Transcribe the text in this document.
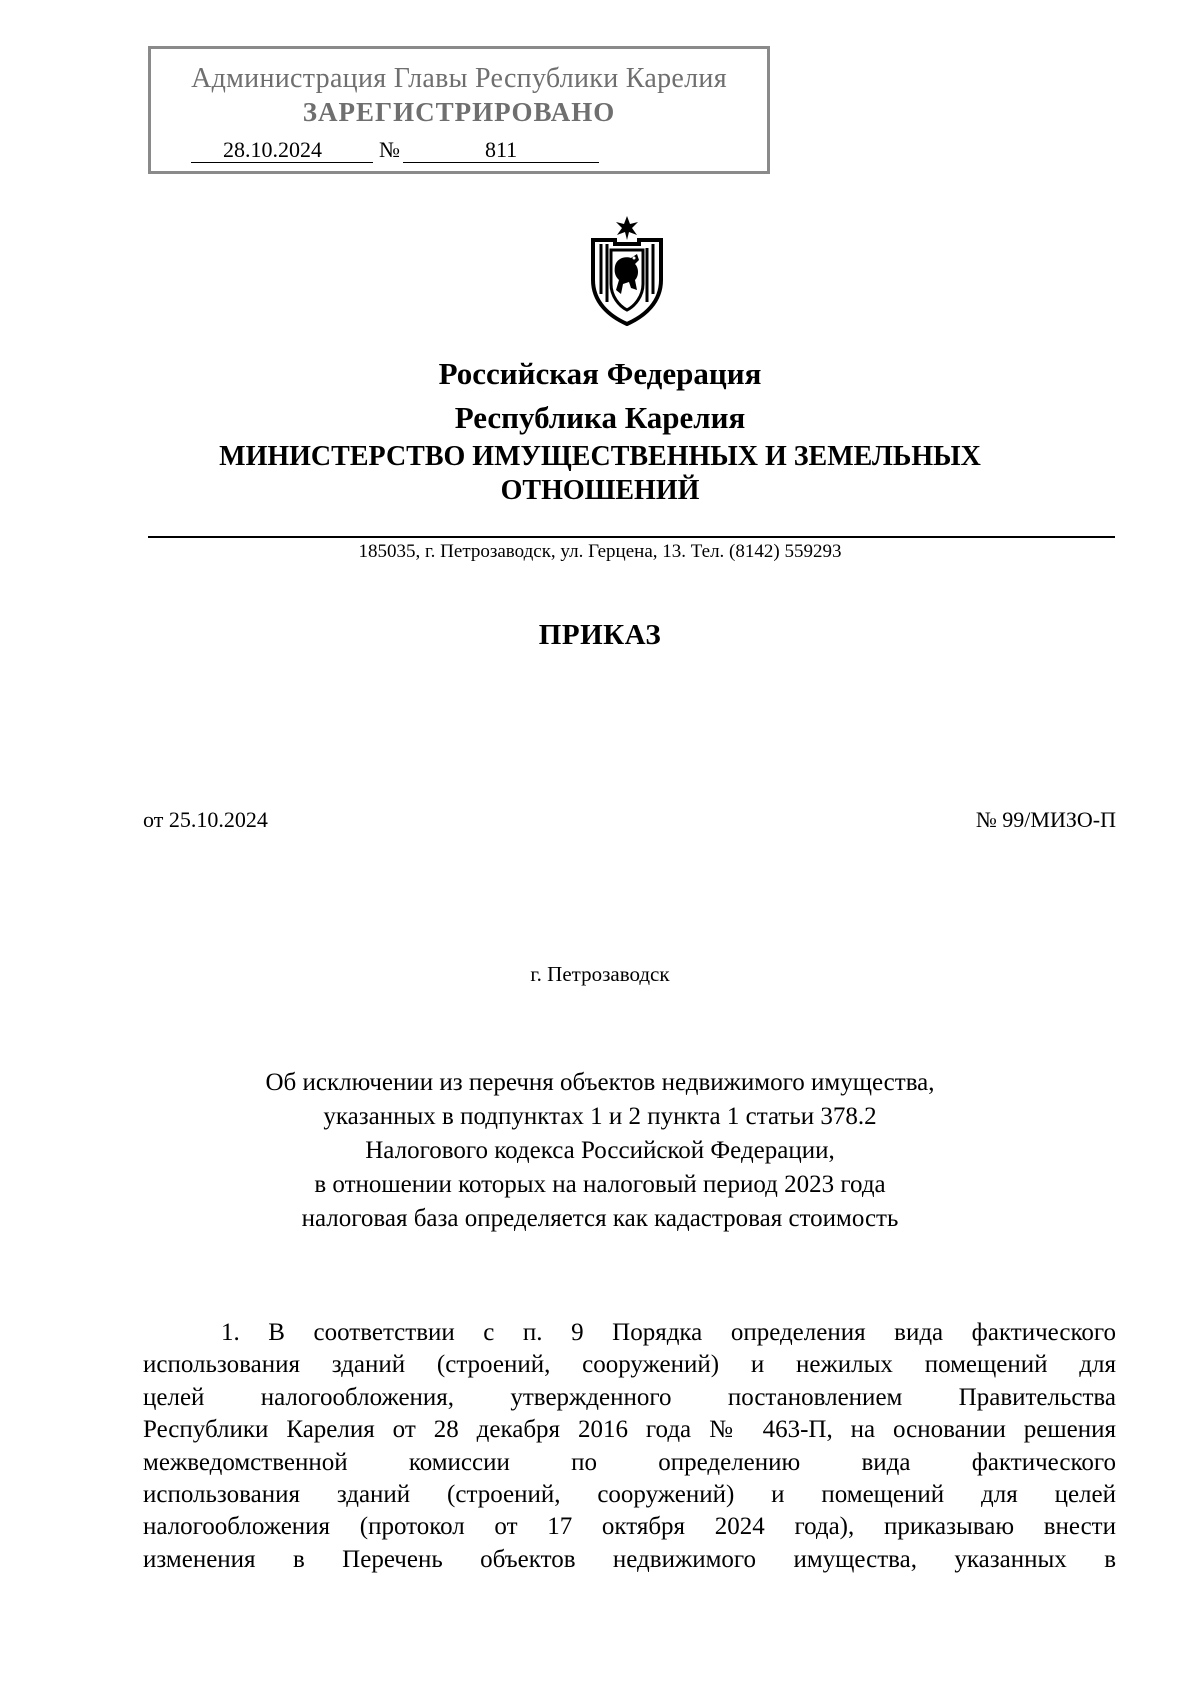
Администрация Главы Республики Карелия
ЗАРЕГИСТРИРОВАНО
28.10.2024	№	811
Российская Федерация
Республика Карелия
МИНИСТЕРСТВО ИМУЩЕСТВЕННЫХ И ЗЕМЕЛЬНЫХ
ОТНОШЕНИЙ
185035, г. Петрозаводск, ул. Герцена, 13. Тел. (8142) 559293
ПРИКАЗ
от 25.10.2024	№ 99/МИЗО-П
г. Петрозаводск
Об исключении из перечня объектов недвижимого имущества,
указанных в подпунктах 1 и 2 пункта 1 статьи 378.2
Налогового кодекса Российской Федерации,
в отношении которых на налоговый период 2023 года
налоговая база определяется как кадастровая стоимость
1. В соответствии с п. 9 Порядка определения вида фактического
использования зданий (строений, сооружений) и нежилых помещений для
целей налогообложения, утвержденного постановлением Правительства
Республики Карелия от 28 декабря 2016 года № 463-П, на основании решения
межведомственной комиссии по определению вида фактического
использования зданий (строений, сооружений) и помещений для целей
налогообложения (протокол от 17 октября 2024 года), приказываю внести
изменения в Перечень объектов недвижимого имущества, указанных в
